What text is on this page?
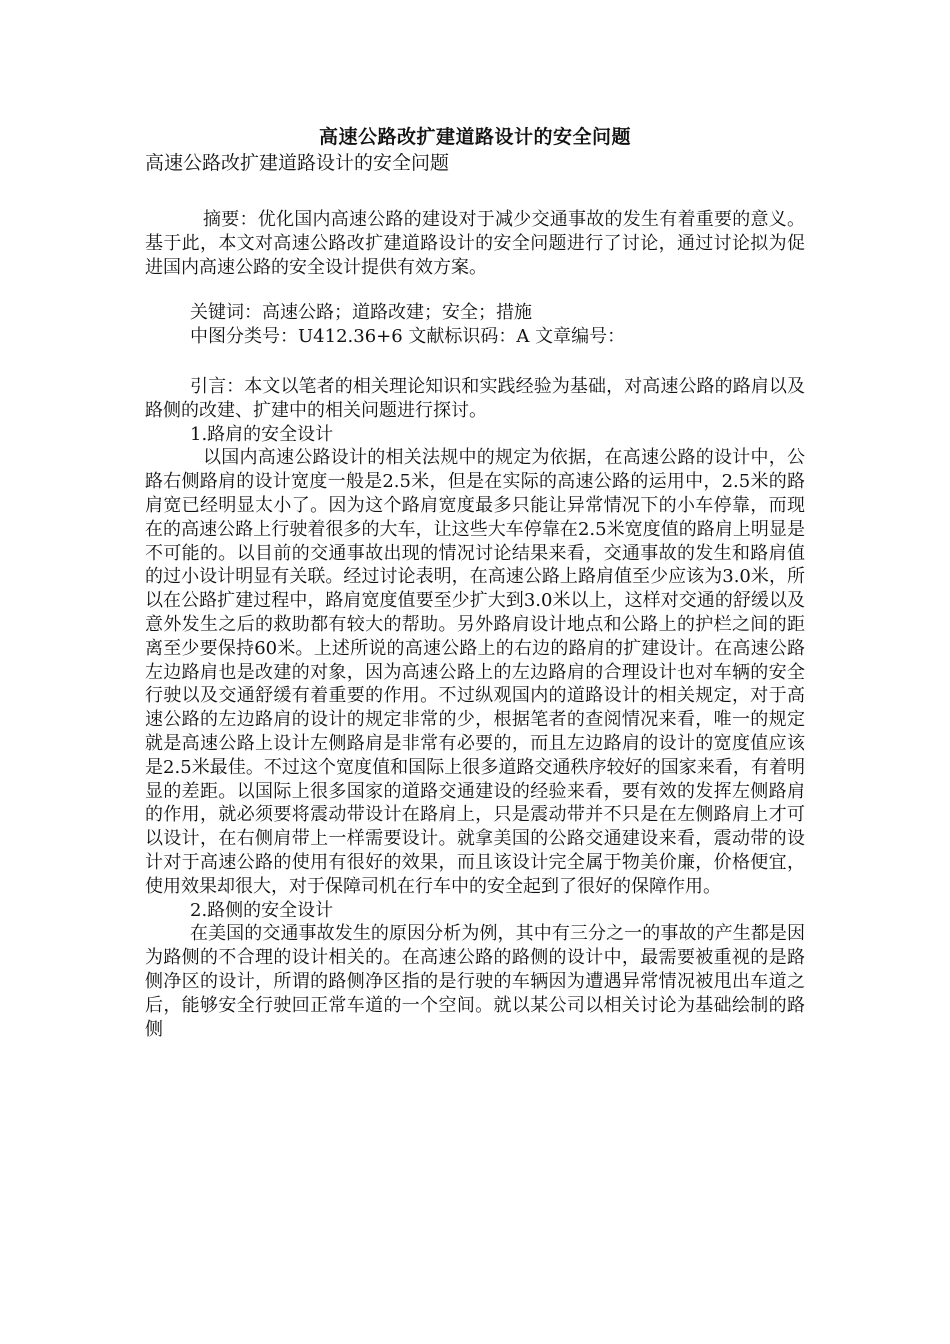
高速公路改扩建道路设计的安全问题
高速公路改扩建道路设计的安全问题

摘要：优化国内高速公路的建设对于减少交通事故的发生有着重要的意义。基于此，本文对高速公路改扩建道路设计的安全问题进行了讨论，通过讨论拟为促进国内高速公路的安全设计提供有效方案。

关键词：高速公路；道路改建；安全；措施

中图分类号：U412.36+6 文献标识码：A 文章编号：

引言：本文以笔者的相关理论知识和实践经验为基础，对高速公路的路肩以及路侧的改建、扩建中的相关问题进行探讨。

1.路肩的安全设计

以国内高速公路设计的相关法规中的规定为依据，在高速公路的设计中，公路右侧路肩的设计宽度一般是2.5米，但是在实际的高速公路的运用中，2.5米的路肩宽已经明显太小了。因为这个路肩宽度最多只能让异常情况下的小车停靠，而现在的高速公路上行驶着很多的大车，让这些大车停靠在2.5米宽度值的路肩上明显是不可能的。以目前的交通事故出现的情况讨论结果来看，交通事故的发生和路肩值的过小设计明显有关联。经过讨论表明，在高速公路上路肩值至少应该为3.0米，所以在公路扩建过程中，路肩宽度值要至少扩大到3.0米以上，这样对交通的舒缓以及意外发生之后的救助都有较大的帮助。另外路肩设计地点和公路上的护栏之间的距离至少要保持60米。上述所说的高速公路上的右边的路肩的扩建设计。在高速公路左边路肩也是改建的对象，因为高速公路上的左边路肩的合理设计也对车辆的安全行驶以及交通舒缓有着重要的作用。不过纵观国内的道路设计的相关规定，对于高速公路的左边路肩的设计的规定非常的少，根据笔者的查阅情况来看，唯一的规定就是高速公路上设计左侧路肩是非常有必要的，而且左边路肩的设计的宽度值应该是2.5米最佳。不过这个宽度值和国际上很多道路交通秩序较好的国家来看，有着明显的差距。以国际上很多国家的道路交通建设的经验来看，要有效的发挥左侧路肩的作用，就必须要将震动带设计在路肩上，只是震动带并不只是在左侧路肩上才可以设计，在右侧肩带上一样需要设计。就拿美国的公路交通建设来看，震动带的设计对于高速公路的使用有很好的效果，而且该设计完全属于物美价廉，价格便宜，使用效果却很大，对于保障司机在行车中的安全起到了很好的保障作用。

2.路侧的安全设计

在美国的交通事故发生的原因分析为例，其中有三分之一的事故的产生都是因为路侧的不合理的设计相关的。在高速公路的路侧的设计中，最需要被重视的是路侧净区的设计，所谓的路侧净区指的是行驶的车辆因为遭遇异常情况被甩出车道之后，能够安全行驶回正常车道的一个空间。就以某公司以相关讨论为基础绘制的路侧
